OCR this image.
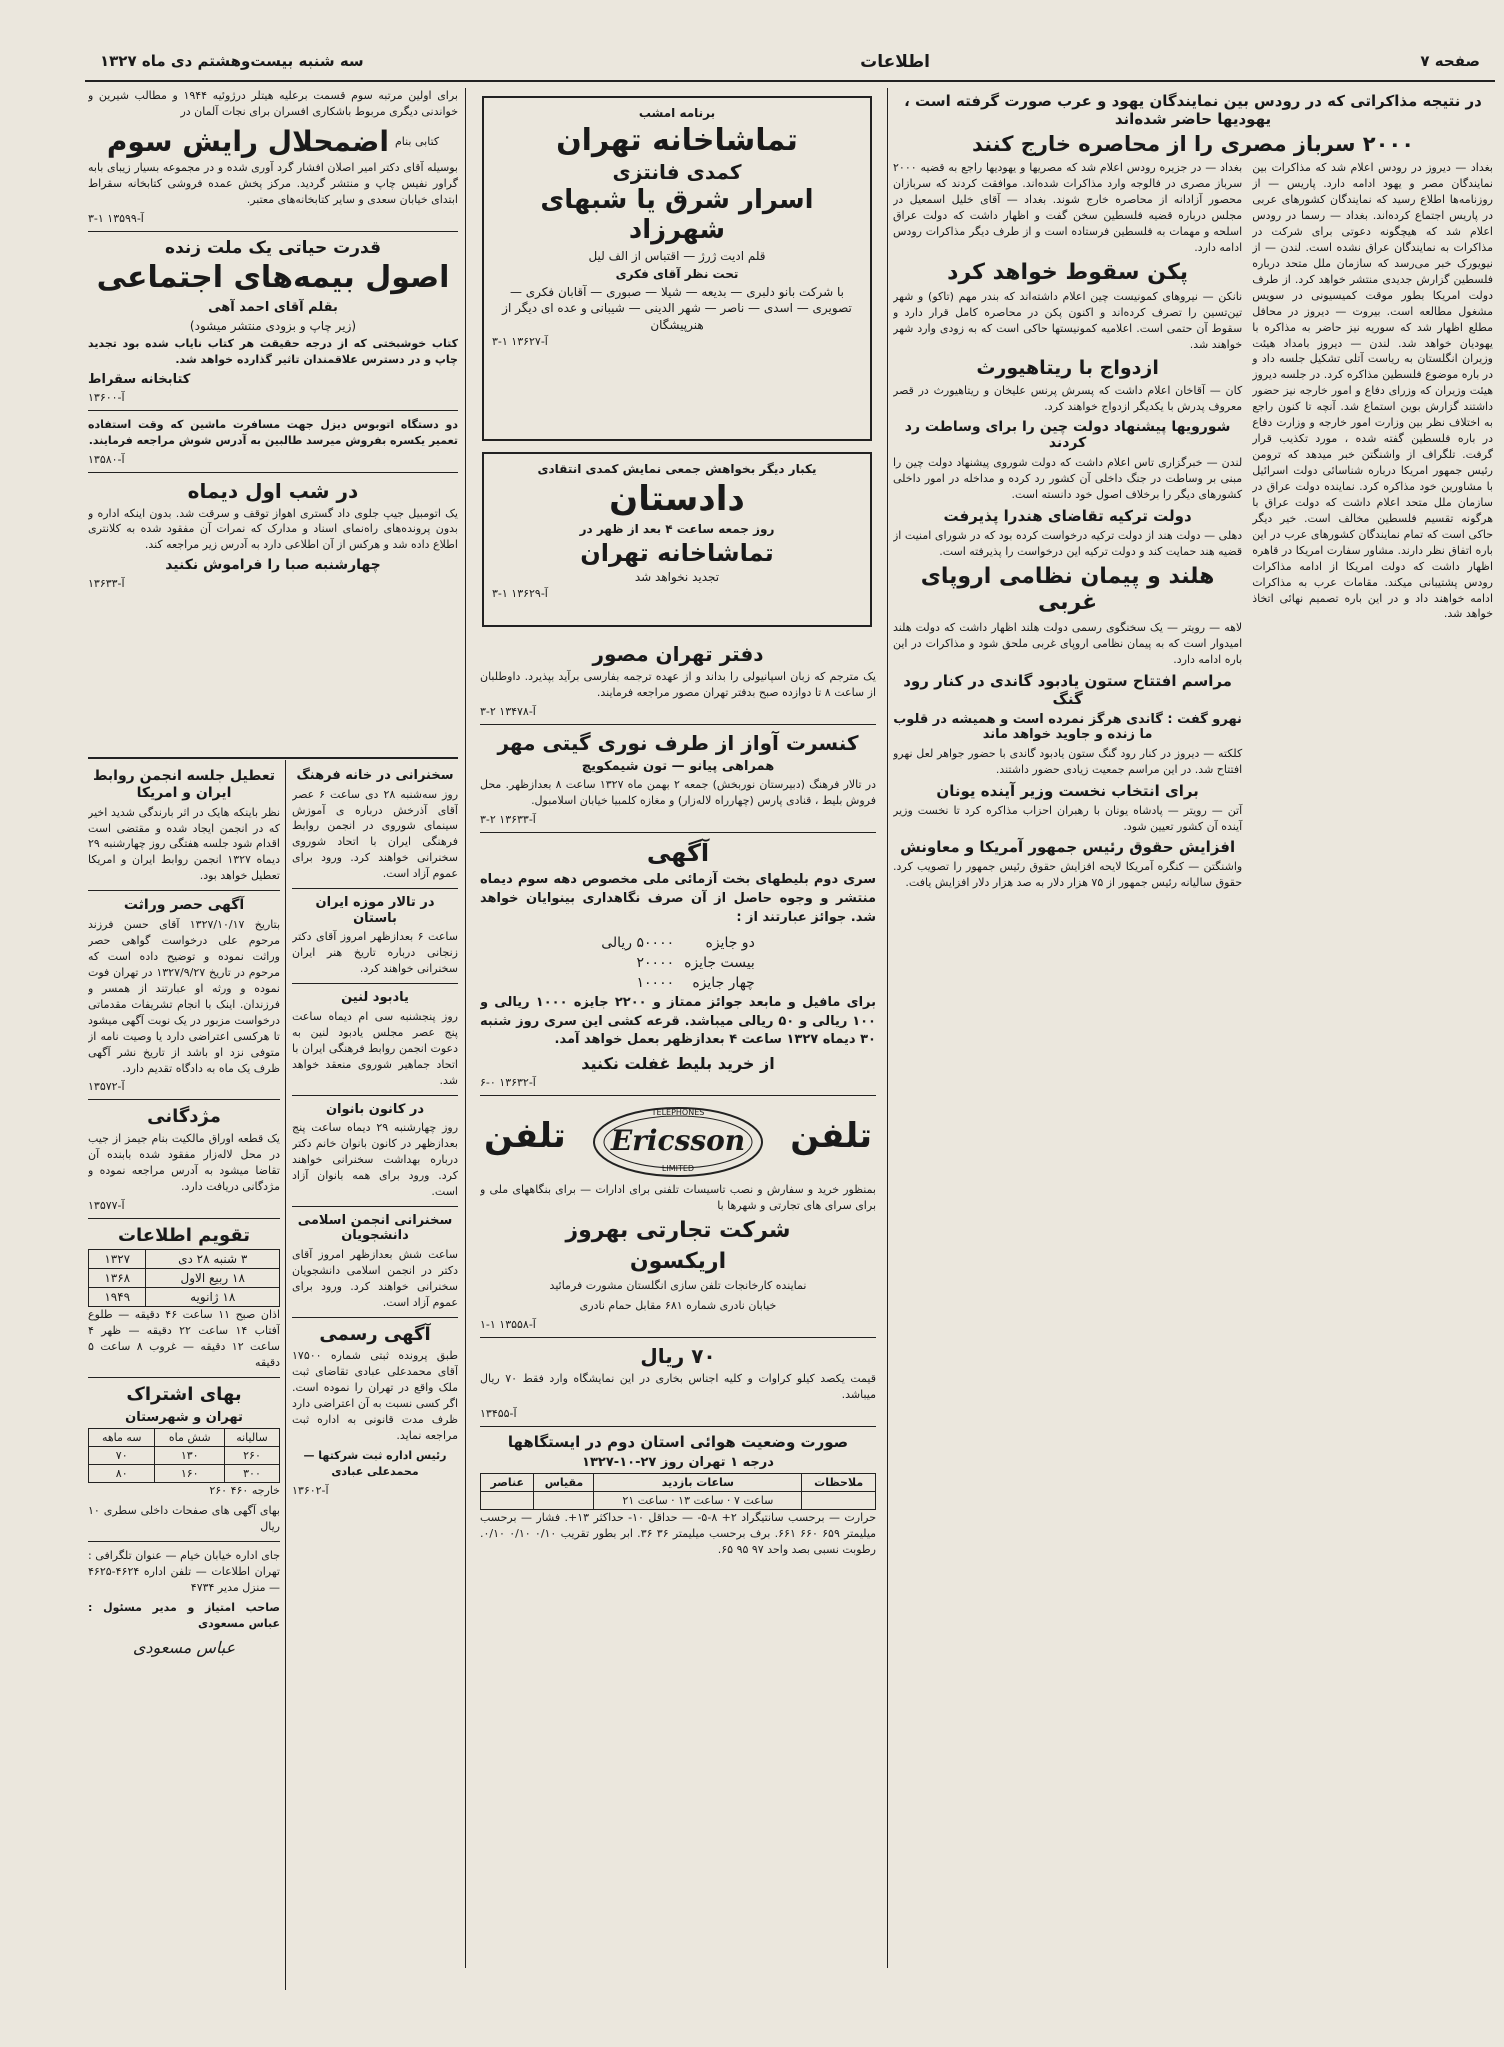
صفحه ۷
اطلاعات
سه شنبه بیست‌وهشتم دی ماه ۱۳۲۷
در نتیجه مذاکراتی که در رودس بین نمایندگان یهود و عرب صورت گرفته است ، یهودیها حاضر شده‌اند
۲۰۰۰ سرباز مصری را از محاصره خارج کنند

بغداد — دیروز در رودس اعلام شد که مذاکرات بین نمایندگان مصر و یهود ادامه دارد. پاریس — از روزنامه‌ها اطلاع رسید که نمایندگان کشورهای عربی در پاریس اجتماع کرده‌اند. بغداد — رسما در رودس اعلام شد که هیچگونه دعوتی برای شرکت در مذاکرات به نمایندگان عراق نشده است. لندن — از نیویورک خبر می‌رسد که سازمان ملل متحد درباره فلسطین گزارش جدیدی منتشر خواهد کرد. از طرف دولت امریکا بطور موقت کمیسیونی در سویس مشغول مطالعه است. بیروت — دیروز در محافل مطلع اظهار شد که سوریه نیز حاضر به مذاکره با یهودیان خواهد شد. لندن — دیروز بامداد هیئت وزیران انگلستان به ریاست آتلی تشکیل جلسه داد و در باره موضوع فلسطین مذاکره کرد. در جلسه دیروز هیئت وزیران که وزرای دفاع و امور خارجه نیز حضور داشتند گزارش بوین استماع شد. آنچه تا کنون راجع به اختلاف نظر بین وزارت امور خارجه و وزارت دفاع در باره فلسطین گفته شده ، مورد تکذیب قرار گرفت. تلگراف از واشنگتن خبر میدهد که ترومن رئیس جمهور امریکا درباره شناسائی دولت اسرائیل با مشاورین خود مذاکره کرد. نماینده دولت عراق در سازمان ملل متحد اعلام داشت که دولت عراق با هرگونه تقسیم فلسطین مخالف است. خیر دیگر حاکی است که تمام نمایندگان کشورهای عرب در این باره اتفاق نظر دارند. مشاور سفارت امریکا در قاهره اظهار داشت که دولت امریکا از ادامه مذاکرات رودس پشتیبانی میکند. مقامات عرب به مذاکرات ادامه خواهند داد و در این باره تصمیم نهائی اتخاذ خواهد شد.

بغداد — در جزیره رودس اعلام شد که مصریها و یهودیها راجع به قضیه ۲۰۰۰ سرباز مصری در فالوجه وارد مذاکرات شده‌اند. موافقت کردند که سربازان محصور آزادانه از محاصره خارج شوند. بغداد — آقای خلیل اسمعیل در مجلس درباره قضیه فلسطین سخن گفت و اظهار داشت که دولت عراق اسلحه و مهمات به فلسطین فرستاده است و از طرف دیگر مذاکرات رودس ادامه دارد.

پکن سقوط خواهد کرد

نانکن — نیروهای کمونیست چین اعلام داشته‌اند که بندر مهم (تاکو) و شهر تین‌تسین را تصرف کرده‌اند و اکنون پکن در محاصره کامل قرار دارد و سقوط آن حتمی است. اعلامیه کمونیستها حاکی است که به زودی وارد شهر خواهند شد.

ازدواج با ریتاهیورث

کان — آقاخان اعلام داشت که پسرش پرنس علیخان و ریتاهیورث در قصر معروف پدرش با یکدیگر ازدواج خواهند کرد.

شورویها پیشنهاد دولت چین را برای وساطت رد کردند

لندن — خبرگزاری تاس اعلام داشت که دولت شوروی پیشنهاد دولت چین را مبنی بر وساطت در جنگ داخلی آن کشور رد کرده و مداخله در امور داخلی کشورهای دیگر را برخلاف اصول خود دانسته است.

دولت ترکیه تقاضای هندرا پذیرفت

دهلی — دولت هند از دولت ترکیه درخواست کرده بود که در شورای امنیت از قضیه هند حمایت کند و دولت ترکیه این درخواست را پذیرفته است.

هلند و پیمان نظامی اروپای غربی

لاهه — رویتر — یک سخنگوی رسمی دولت هلند اظهار داشت که دولت هلند امیدوار است که به پیمان نظامی اروپای غربی ملحق شود و مذاکرات در این باره ادامه دارد.

مراسم افتتاح ستون یادبود گاندی در کنار رود گنگ
نهرو گفت : گاندی هرگز نمرده است و همیشه در قلوب ما زنده و جاوید خواهد ماند

کلکته — دیروز در کنار رود گنگ ستون یادبود گاندی با حضور جواهر لعل نهرو افتتاح شد. در این مراسم جمعیت زیادی حضور داشتند.

برای انتخاب نخست وزیر آینده یونان

آتن — رویتر — پادشاه یونان با رهبران احزاب مذاکره کرد تا نخست وزیر آینده آن کشور تعیین شود.

افزایش حقوق رئیس جمهور آمریکا و معاونش

واشنگتن — کنگره آمریکا لایحه افزایش حقوق رئیس جمهور را تصویب کرد. حقوق سالیانه رئیس جمهور از ۷۵ هزار دلار به صد هزار دلار افزایش یافت.

برنامه امشب
تماشاخانه تهران
کمدی فانتزی
اسرار شرق یا شبهای شهرزاد
قلم ادیت ژرژ — اقتباس از الف لیل
تحت نظر آقای فکری
با شرکت بانو دلبری — بدیعه — شیلا — صبوری — آقابان فکری — تصویری — اسدی — ناصر — شهر الدینی — شیبانی و عده ای دیگر از هنرپیشگان
۳-۱ ۱۳۶۲۷-آ
یکبار دیگر بخواهش جمعی نمایش کمدی انتقادی
دادستان
روز جمعه ساعت ۴ بعد از ظهر در
تماشاخانه تهران
تجدید نخواهد شد
۳-۱ ۱۳۶۲۹-آ
دفتر تهران مصور

یک مترجم که زبان اسپانیولی را بداند و از عهده ترجمه بفارسی برآید بپذیرد. داوطلبان از ساعت ۸ تا دوازده صبح بدفتر تهران مصور مراجعه فرمایند.

۳-۲ ۱۳۴۷۸-آ
کنسرت آواز از طرف نوری گیتی مهر
همراهی پیانو — تون شیمکویچ

در تالار فرهنگ (دبیرستان نوربخش) جمعه ۲ بهمن ماه ۱۳۲۷ ساعت ۸ بعدازظهر. محل فروش بلیط ، قنادی پارس (چهارراه لاله‌زار) و مغازه کلمبیا خیابان اسلامبول.

۳-۲ ۱۳۶۳۳-آ
آگهی

سری دوم بلیطهای بخت آزمائی ملی مخصوص دهه سوم دیماه منتشر و وجوه حاصل از آن صرف نگاهداری بینوایان خواهد شد. جوائز عبارتند از :

دو جایزه	۵۰۰۰۰ ریالی
بیست جایزه	۲۰۰۰۰
چهار جایزه	۱۰۰۰۰

برای مافیل و مابعد جوائز ممتاز و ۲۲۰۰ جایزه ۱۰۰۰ ریالی و ۱۰۰ ریالی و ۵۰ ریالی میباشد. قرعه کشی این سری روز شنبه ۳۰ دیماه ۱۳۲۷ ساعت ۴ بعدازظهر بعمل خواهد آمد.

از خرید بلیط غفلت نکنید
۶-۰ ۱۳۶۳۲-آ
تلفن
تلفن	Ericsson
TELEPHONES
LIMITED

بمنظور خرید و سفارش و نصب تاسیسات تلفنی برای ادارات — برای بنگاههای ملی و برای سرای های تجارتی و شهرها با

شرکت تجارتی بهروز
اریکسون

نماینده کارخانجات تلفن سازی انگلستان مشورت فرمائید

خیابان نادری شماره ۶۸۱ مقابل حمام نادری

۱-۱ ۱۳۵۵۸-آ
۷۰ ریال

قیمت یکصد کیلو کراوات و کلیه اجناس بخاری در این نمایشگاه وارد فقط ۷۰ ریال میباشد.

۱۳۴۵۵-آ
صورت وضعیت هوائی استان دوم در ایستگاهها
درجه ۱ تهران روز ۲۷-۱۰-۱۳۲۷
ملاحظات	ساعات بازدید	مقیاس	عناصر
	ساعت ۷ · ساعت ۱۳ · ساعت ۲۱		

حرارت — برحسب سانتیگراد ۲+ ۸-۵- — حداقل ۱۰- حداکثر ۱۳+. فشار — برحسب میلیمتر ۶۵۹ ۶۶۰ ۶۶۱. برف برحسب میلیمتر ۳۶ ۳۶. ابر بطور تقریب ۰/۱۰ ۰/۱۰ ۰/۱۰. رطوبت نسبی بصد واحد ۹۷ ۹۵ ۶۵.

برای اولین مرتبه سوم قسمت برعلیه هیتلر درژوئیه ۱۹۴۴ و مطالب شیرین و خواندنی دیگری مربوط باشکاری افسران برای نجات آلمان در

کتابی بنام
اضمحلال رایش سوم

بوسیله آقای دکتر امیر اصلان افشار گرد آوری شده و در مجموعه بسیار زیبای بابه گراور نفیس چاپ و منتشر گردید. مرکز پخش عمده فروشی کتابخانه سقراط ابتدای خیابان سعدی و سایر کتابخانه‌های معتبر.

۳-۱ ۱۳۵۹۹-آ
قدرت حیاتی یک ملت زنده
اصول بیمه‌های اجتماعی
بقلم آقای احمد آهی
(زیر چاپ و بزودی منتشر میشود)

کتاب خوشبختی که از درجه حقیقت هر کتاب نایاب شده بود تجدید چاپ و در دسترس علاقمندان تاثیر گذارده خواهد شد.

کتابخانه سقراط
۱۳۶۰۰-آ

دو دستگاه اتوبوس دیزل جهت مسافرت ماشین که وقت استفاده تعمیر یکسره بفروش میرسد طالبین به آدرس شوش مراجعه فرمایند.

۱۳۵۸۰-آ
در شب اول دیماه

یک اتومبیل جیپ جلوی داد گستری اهواز توقف و سرقت شد. بدون اینکه اداره و بدون پرونده‌های راه‌نمای اسناد و مدارک که نمرات آن مفقود شده به کلانتری اطلاع داده شد و هرکس از آن اطلاعی دارد به آدرس زیر مراجعه کند.

چهارشنبه صبا را فراموش نکنید
۱۳۶۳۳-آ
سخنرانی در خانه فرهنگ

روز سه‌شنبه ۲۸ دی ساعت ۶ عصر آقای آذرخش درباره ی آموزش سینمای شوروی در انجمن روابط فرهنگی ایران با اتحاد شوروی سخنرانی خواهند کرد. ورود برای عموم آزاد است.

در تالار موزه ایران باستان

ساعت ۶ بعدازظهر امروز آقای دکتر زنجانی درباره تاریخ هنر ایران سخنرانی خواهند کرد.

یادبود لنین

روز پنجشنبه سی ام دیماه ساعت پنج عصر مجلس یادبود لنین به دعوت انجمن روابط فرهنگی ایران با اتحاد جماهیر شوروی منعقد خواهد شد.

در کانون بانوان

روز چهارشنبه ۲۹ دیماه ساعت پنج بعدازظهر در کانون بانوان خانم دکتر درباره بهداشت سخنرانی خواهند کرد. ورود برای همه بانوان آزاد است.

سخنرانی انجمن اسلامی دانشجویان

ساعت شش بعدازظهر امروز آقای دکتر در انجمن اسلامی دانشجویان سخنرانی خواهند کرد. ورود برای عموم آزاد است.

آگهی رسمی

طبق پرونده ثبتی شماره ۱۷۵۰۰ آقای محمدعلی عبادی تقاضای ثبت ملک واقع در تهران را نموده است. اگر کسی نسبت به آن اعتراضی دارد ظرف مدت قانونی به اداره ثبت مراجعه نماید.

رئیس اداره ثبت شرکتها — محمدعلی عبادی

۱۳۶۰۲-آ
تعطیل جلسه انجمن روابط ایران و امریکا

نظر باینکه هایک در اثر بارندگی شدید اخیر که در انجمن ایجاد شده و مقتضی است اقدام شود جلسه هفتگی روز چهارشنبه ۲۹ دیماه ۱۳۲۷ انجمن روابط ایران و امریکا تعطیل خواهد بود.

آگهی حصر وراثت

بتاریخ ۱۳۲۷/۱۰/۱۷ آقای حسن فرزند مرحوم علی درخواست گواهی حصر وراثت نموده و توضیح داده است که مرحوم در تاریخ ۱۳۲۷/۹/۲۷ در تهران فوت نموده و ورثه او عبارتند از همسر و فرزندان. اینک با انجام تشریفات مقدماتی درخواست مزبور در یک نوبت آگهی میشود تا هرکسی اعتراضی دارد یا وصیت نامه از متوفی نزد او باشد از تاریخ نشر آگهی ظرف یک ماه به دادگاه تقدیم دارد.

۱۳۵۷۲-آ
مژدگانی

یک قطعه اوراق مالکیت بنام جیمز از جیب در محل لاله‌زار مفقود شده بابنده آن تقاضا میشود به آدرس مراجعه نموده و مژدگانی دریافت دارد.

۱۳۵۷۷-آ
تقویم اطلاعات
۳ شنبه ۲۸ دی	۱۳۲۷
۱۸ ربیع الاول	۱۳۶۸
۱۸ ژانویه	۱۹۴۹

اذان صبح ۱۱ ساعت ۴۶ دقیقه — طلوع آفتاب ۱۴ ساعت ۲۲ دقیقه — ظهر ۴ ساعت ۱۲ دقیقه — غروب ۸ ساعت ۵ دقیقه

بهای اشتراک
تهران و شهرستان
سالیانه	شش ماه	سه ماهه
۲۶۰	۱۳۰	۷۰
۳۰۰	۱۶۰	۸۰

خارجه ۴۶۰ ۲۶۰

بهای آگهی های صفحات داخلی سطری ۱۰ ریال

جای اداره خیابان خیام — عنوان تلگرافی : تهران اطلاعات — تلفن اداره ۴۶۲۴-۴۶۲۵ — منزل مدیر ۴۷۳۴

صاحب امتیاز و مدیر مسئول : عباس مسعودی

عباس مسعودی
